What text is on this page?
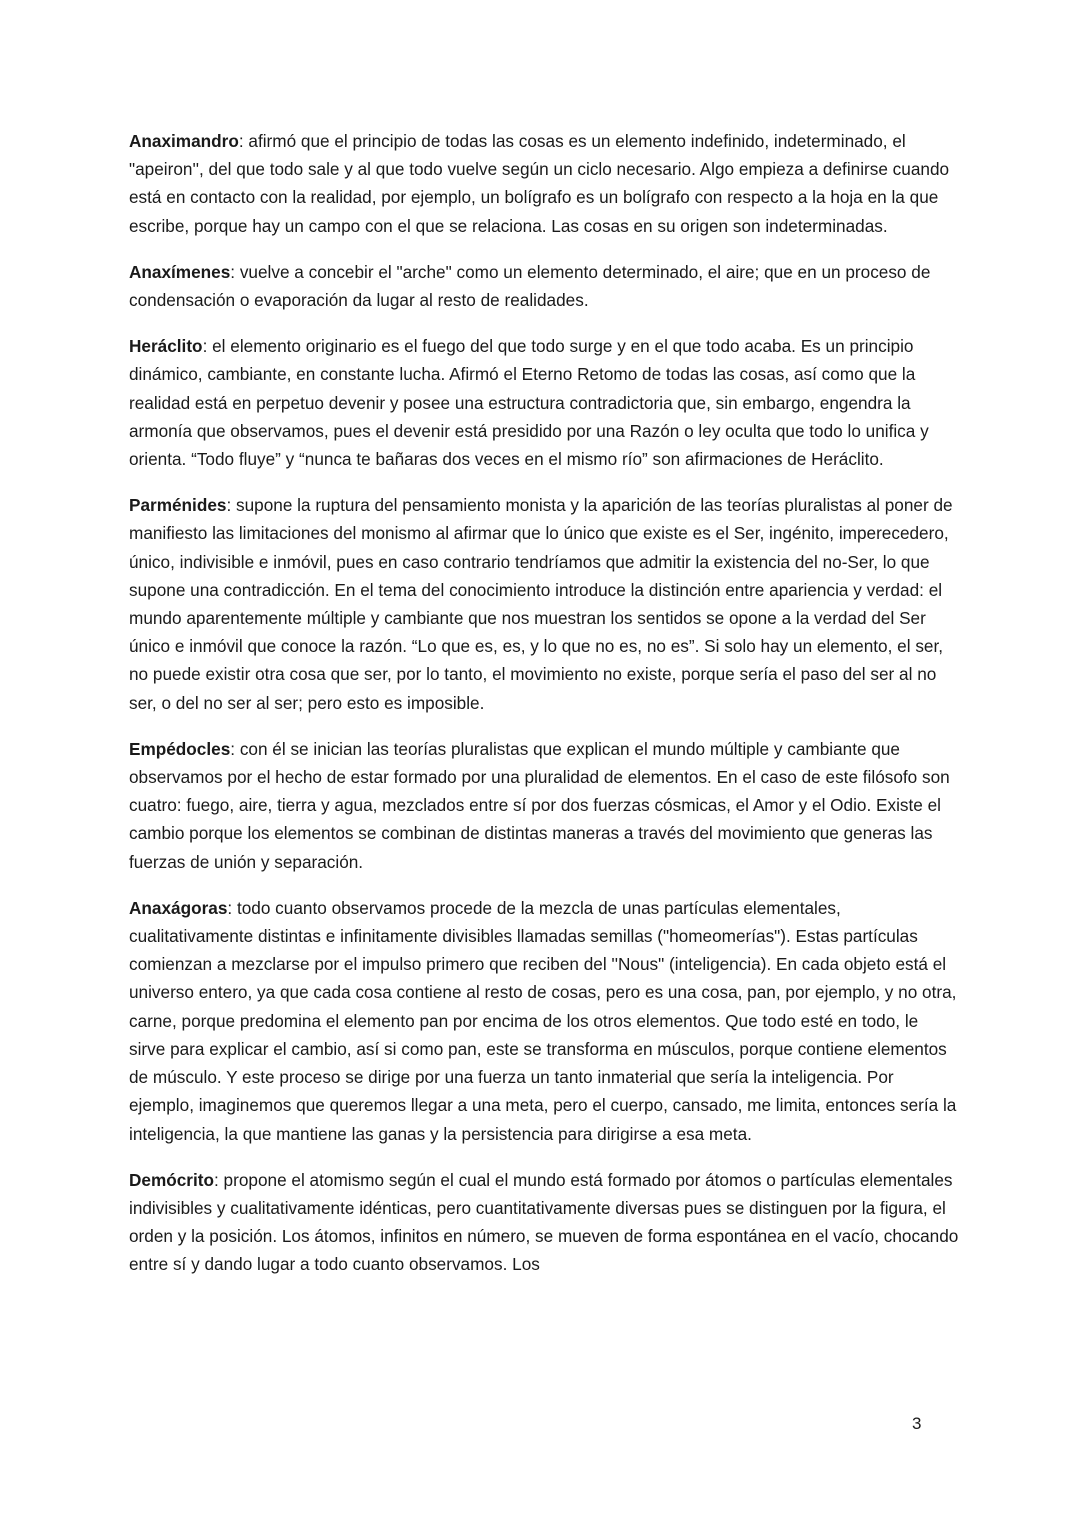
Anaximandro: afirmó que el principio de todas las cosas es un elemento indefinido, indeterminado, el "apeiron'', del que todo sale y al que todo vuelve según un ciclo necesario. Algo empieza a definirse cuando está en contacto con la realidad, por ejemplo, un bolígrafo es un bolígrafo con respecto a la hoja en la que escribe, porque hay un campo con el que se relaciona. Las cosas en su origen son indeterminadas.

Anaxímenes: vuelve a concebir el "arche" como un elemento determinado, el aire; que en un proceso de condensación o evaporación da lugar al resto de realidades.

Heráclito: el elemento originario es el fuego del que todo surge y en el que todo acaba. Es un principio dinámico, cambiante, en constante lucha. Afirmó el Eterno Retomo de todas las cosas, así como que la realidad está en perpetuo devenir y posee una estructura contradictoria que, sin embargo, engendra la armonía que observamos, pues el devenir está presidido por una Razón o ley oculta que todo lo unifica y orienta. “Todo fluye” y “nunca te bañaras dos veces en el mismo río” son afirmaciones de Heráclito.

Parménides: supone la ruptura del pensamiento monista y la aparición de las teorías pluralistas al poner de manifiesto las limitaciones del monismo al afirmar que lo único que existe es el Ser, ingénito, imperecedero, único, indivisible e inmóvil, pues en caso contrario tendríamos que admitir la existencia del no-Ser, lo que supone una contradicción. En el tema del conocimiento introduce la distinción entre apariencia y verdad: el mundo aparentemente múltiple y cambiante que nos muestran los sentidos se opone a la verdad del Ser único e inmóvil que conoce la razón. “Lo que es, es, y lo que no es, no es”. Si solo hay un elemento, el ser, no puede existir otra cosa que ser, por lo tanto, el movimiento no existe, porque sería el paso del ser al no ser, o del no ser al ser; pero esto es imposible.

Empédocles: con él se inician las teorías pluralistas que explican el mundo múltiple y cambiante que observamos por el hecho de estar formado por una pluralidad de elementos. En el caso de este filósofo son cuatro: fuego, aire, tierra y agua, mezclados entre sí por dos fuerzas cósmicas, el Amor y el Odio. Existe el cambio porque los elementos se combinan de distintas maneras a través del movimiento que generas las fuerzas de unión y separación.

Anaxágoras: todo cuanto observamos procede de la mezcla de unas partículas elementales, cualitativamente distintas e infinitamente divisibles llamadas semillas ("homeomerías"). Estas partículas comienzan a mezclarse por el impulso primero que reciben del ''Nous" (inteligencia). En cada objeto está el universo entero, ya que cada cosa contiene al resto de cosas, pero es una cosa, pan, por ejemplo, y no otra, carne, porque predomina el elemento pan por encima de los otros elementos. Que todo esté en todo, le sirve para explicar el cambio, así si como pan, este se transforma en músculos, porque contiene elementos de músculo. Y este proceso se dirige por una fuerza un tanto inmaterial que sería la inteligencia. Por ejemplo, imaginemos que queremos llegar a una meta, pero el cuerpo, cansado, me limita, entonces sería la inteligencia, la que mantiene las ganas y la persistencia para dirigirse a esa meta.

Demócrito: propone el atomismo según el cual el mundo está formado por átomos o partículas elementales indivisibles y cualitativamente idénticas, pero cuantitativamente diversas pues se distinguen por la figura, el orden y la posición. Los átomos, infinitos en número, se mueven de forma espontánea en el vacío, chocando entre sí y dando lugar a todo cuanto observamos. Los

3
